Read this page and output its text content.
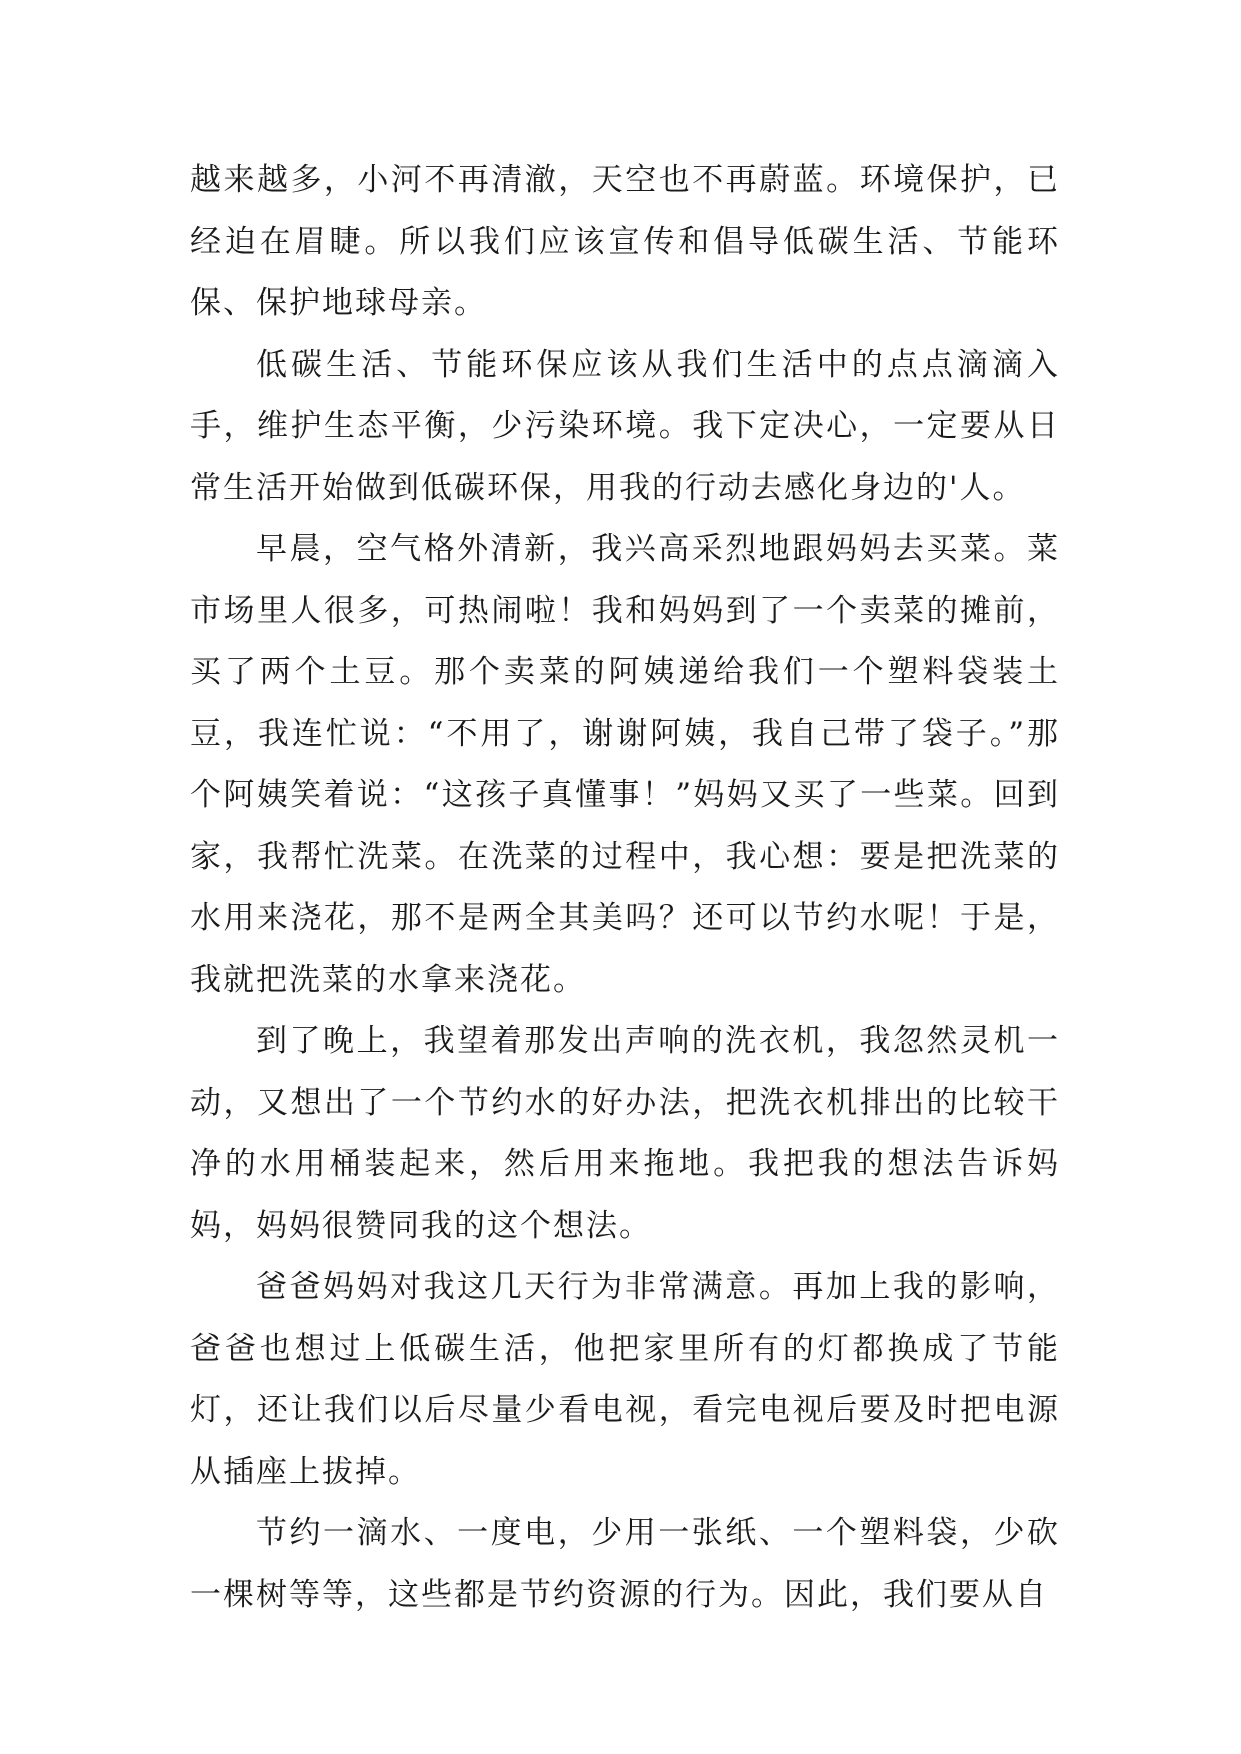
越来越多，小河不再清澈，天空也不再蔚蓝。环境保护，已经迫在眉睫。所以我们应该宣传和倡导低碳生活、节能环保、保护地球母亲。

低碳生活、节能环保应该从我们生活中的点点滴滴入手，维护生态平衡，少污染环境。我下定决心，一定要从日常生活开始做到低碳环保，用我的行动去感化身边的'人。

早晨，空气格外清新，我兴高采烈地跟妈妈去买菜。菜市场里人很多，可热闹啦！我和妈妈到了一个卖菜的摊前，买了两个土豆。那个卖菜的阿姨递给我们一个塑料袋装土豆，我连忙说：“不用了，谢谢阿姨，我自己带了袋子。”那个阿姨笑着说：“这孩子真懂事！”妈妈又买了一些菜。回到家，我帮忙洗菜。在洗菜的过程中，我心想：要是把洗菜的水用来浇花，那不是两全其美吗？还可以节约水呢！于是，我就把洗菜的水拿来浇花。

到了晚上，我望着那发出声响的洗衣机，我忽然灵机一动，又想出了一个节约水的好办法，把洗衣机排出的比较干净的水用桶装起来，然后用来拖地。我把我的想法告诉妈妈，妈妈很赞同我的这个想法。

爸爸妈妈对我这几天行为非常满意。再加上我的影响，爸爸也想过上低碳生活，他把家里所有的灯都换成了节能灯，还让我们以后尽量少看电视，看完电视后要及时把电源从插座上拔掉。

节约一滴水、一度电，少用一张纸、一个塑料袋，少砍一棵树等等，这些都是节约资源的行为。因此，我们要从自
